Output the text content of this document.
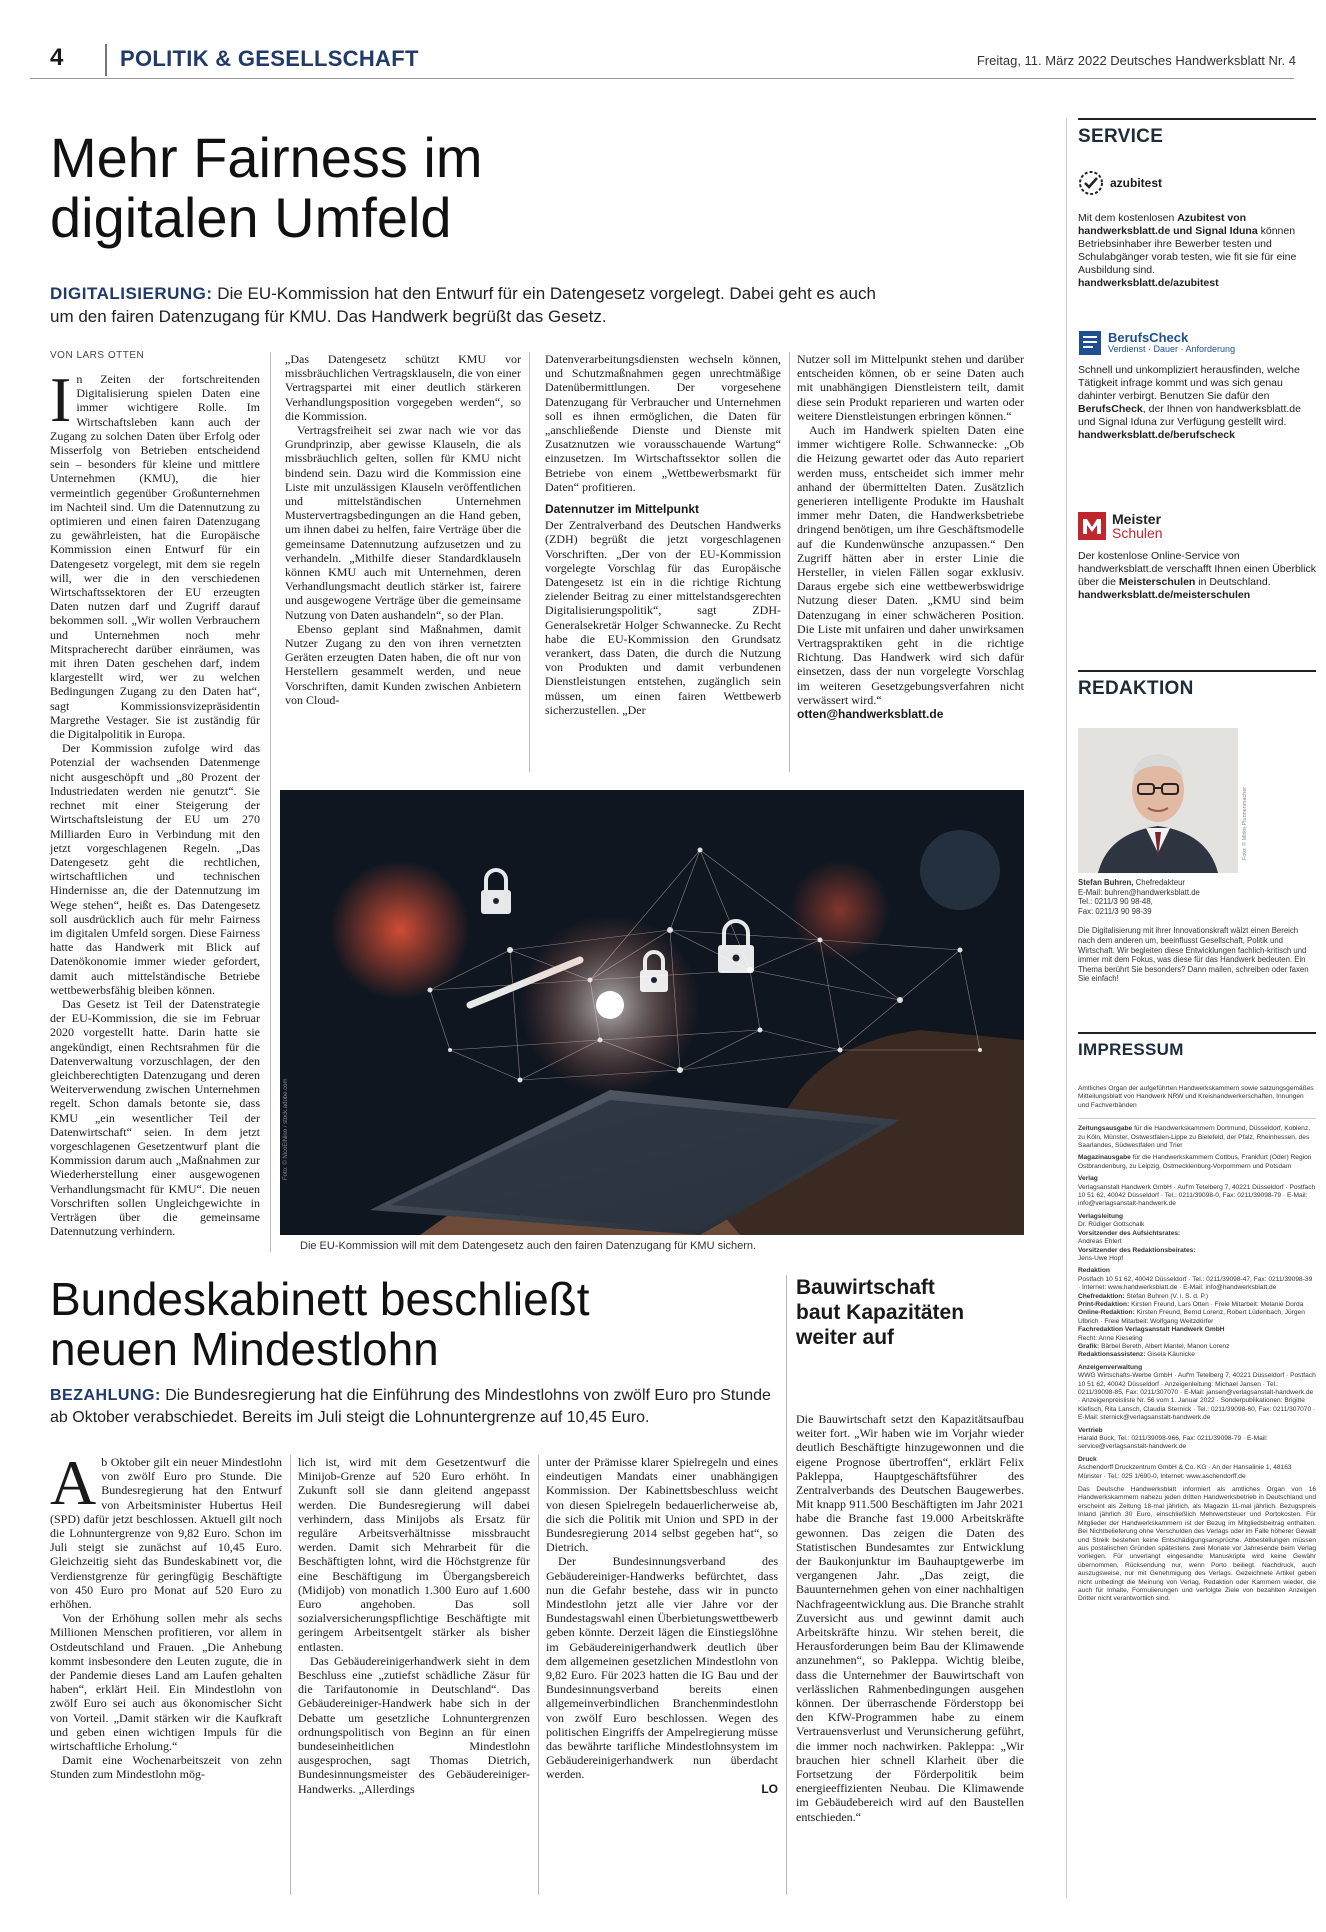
4	POLITIK & GESELLSCHAFT	Freitag, 11. März 2022 Deutsches Handwerksblatt Nr. 4
Mehr Fairness im
digitalen Umfeld
DIGITALISIERUNG: Die EU-Kommission hat den Entwurf für ein Datengesetz vorgelegt. Dabei geht es auch um den fairen Datenzugang für KMU. Das Handwerk begrüßt das Gesetz.
VON LARS OTTEN

In Zeiten der fortschreitenden Digitalisierung spielen Daten eine immer wichtigere Rolle. Im Wirtschaftsleben kann auch der Zugang zu solchen Daten über Erfolg oder Misserfolg von Betrieben entscheidend sein – besonders für kleine und mittlere Unternehmen (KMU), die hier vermeintlich gegenüber Großunternehmen im Nachteil sind. Um die Datennutzung zu optimieren und einen fairen Datenzugang zu gewährleisten, hat die Europäische Kommission einen Entwurf für ein Datengesetz vorgelegt, mit dem sie regeln will, wer die in den verschiedenen Wirtschaftssektoren der EU erzeugten Daten nutzen darf und Zugriff darauf bekommen soll. „Wir wollen Verbrauchern und Unternehmen noch mehr Mitspracherecht darüber einräumen, was mit ihren Daten geschehen darf, indem klargestellt wird, wer zu welchen Bedingungen Zugang zu den Daten hat“, sagt Kommissionsvizepräsidentin Margrethe Vestager. Sie ist zuständig für die Digitalpolitik in Europa.

Der Kommission zufolge wird das Potenzial der wachsenden Datenmenge nicht ausgeschöpft und „80 Prozent der Industriedaten werden nie genutzt“. Sie rechnet mit einer Steigerung der Wirtschaftsleistung der EU um 270 Milliarden Euro in Verbindung mit den jetzt vorgeschlagenen Regeln. „Das Datengesetz geht die rechtlichen, wirtschaftlichen und technischen Hindernisse an, die der Datennutzung im Wege stehen“, heißt es. Das Datengesetz soll ausdrücklich auch für mehr Fairness im digitalen Umfeld sorgen. Diese Fairness hatte das Handwerk mit Blick auf Datenökonomie immer wieder gefordert, damit auch mittelständische Betriebe wettbewerbsfähig bleiben können.

Das Gesetz ist Teil der Datenstrategie der EU-Kommission, die sie im Februar 2020 vorgestellt hatte. Darin hatte sie angekündigt, einen Rechtsrahmen für die Datenverwaltung vorzuschlagen, der den gleichberechtigten Datenzugang und deren Weiterverwendung zwischen Unternehmen regelt. Schon damals betonte sie, dass KMU „ein wesentlicher Teil der Datenwirtschaft“ seien. In dem jetzt vorgeschlagenen Gesetzentwurf plant die Kommission darum auch „Maßnahmen zur Wiederherstellung einer ausgewogenen Verhandlungsmacht für KMU“. Die neuen Vorschriften sollen Ungleichgewichte in Verträgen über die gemeinsame Datennutzung verhindern.

„Das Datengesetz schützt KMU vor missbräuchlichen Vertragsklauseln, die von einer Vertragspartei mit einer deutlich stärkeren Verhandlungsposition vorgegeben werden“, so die Kommission.

Vertragsfreiheit sei zwar nach wie vor das Grundprinzip, aber gewisse Klauseln, die als missbräuchlich gelten, sollen für KMU nicht bindend sein. Dazu wird die Kommission eine Liste mit unzulässigen Klauseln veröffentlichen und mittelständischen Unternehmen Mustervertragsbedingungen an die Hand geben, um ihnen dabei zu helfen, faire Verträge über die gemeinsame Datennutzung aufzusetzen und zu verhandeln. „Mithilfe dieser Standardklauseln können KMU auch mit Unternehmen, deren Verhandlungsmacht deutlich stärker ist, fairere und ausgewogene Verträge über die gemeinsame Nutzung von Daten aushandeln“, so der Plan.

Ebenso geplant sind Maßnahmen, damit Nutzer Zugang zu den von ihren vernetzten Geräten erzeugten Daten haben, die oft nur von Herstellern gesammelt werden, und neue Vorschriften, damit Kunden zwischen Anbietern von Cloud-

Datenverarbeitungsdiensten wechseln können, und Schutzmaßnahmen gegen unrechtmäßige Datenübermittlungen. Der vorgesehene Datenzugang für Verbraucher und Unternehmen soll es ihnen ermöglichen, die Daten für „anschließende Dienste und Dienste mit Zusatznutzen wie vorausschauende Wartung“ einzusetzen. Im Wirtschaftssektor sollen die Betriebe von einem „Wettbewerbsmarkt für Daten“ profitieren.

Datennutzer im Mittelpunkt

Der Zentralverband des Deutschen Handwerks (ZDH) begrüßt die jetzt vorgeschlagenen Vorschriften. „Der von der EU-Kommission vorgelegte Vorschlag für das Europäische Datengesetz ist ein in die richtige Richtung zielender Beitrag zu einer mittelstandsgerechten Digitalisierungspolitik“, sagt ZDH-Generalsekretär Holger Schwannecke. Zu Recht habe die EU-Kommission den Grundsatz verankert, dass Daten, die durch die Nutzung von Produkten und damit verbundenen Dienstleistungen entstehen, zugänglich sein müssen, um einen fairen Wettbewerb sicherzustellen. „Der

Nutzer soll im Mittelpunkt stehen und darüber entscheiden können, ob er seine Daten auch mit unabhängigen Dienstleistern teilt, damit diese sein Produkt reparieren und warten oder weitere Dienstleistungen erbringen können.“

Auch im Handwerk spielten Daten eine immer wichtigere Rolle. Schwannecke: „Ob die Heizung gewartet oder das Auto repariert werden muss, entscheidet sich immer mehr anhand der übermittelten Daten. Zusätzlich generieren intelligente Produkte im Haushalt immer mehr Daten, die Handwerksbetriebe dringend benötigen, um ihre Geschäftsmodelle auf die Kundenwünsche anzupassen.“ Den Zugriff hätten aber in erster Linie die Hersteller, in vielen Fällen sogar exklusiv. Daraus ergebe sich eine wettbewerbswidrige Nutzung dieser Daten. „KMU sind beim Datenzugang in einer schwächeren Position. Die Liste mit unfairen und daher unwirksamen Vertragspraktiken geht in die richtige Richtung. Das Handwerk wird sich dafür einsetzen, dass der nun vorgelegte Vorschlag im weiteren Gesetzgebungsverfahren nicht verwässert wird.“

otten@handwerksblatt.de

Foto: © NicoElNino / stock.adobe.com
Die EU-Kommission will mit dem Datengesetz auch den fairen Datenzugang für KMU sichern.
Bundeskabinett beschließt
neuen Mindestlohn
BEZAHLUNG: Die Bundesregierung hat die Einführung des Mindestlohns von zwölf Euro pro Stunde ab Oktober verabschiedet. Bereits im Juli steigt die Lohnuntergrenze auf 10,45 Euro.

Ab Oktober gilt ein neuer Mindestlohn von zwölf Euro pro Stunde. Die Bundesregierung hat den Entwurf von Arbeitsminister Hubertus Heil (SPD) dafür jetzt beschlossen. Aktuell gilt noch die Lohnuntergrenze von 9,82 Euro. Schon im Juli steigt sie zunächst auf 10,45 Euro. Gleichzeitig sieht das Bundeskabinett vor, die Verdienstgrenze für geringfügig Beschäftigte von 450 Euro pro Monat auf 520 Euro zu erhöhen.

Von der Erhöhung sollen mehr als sechs Millionen Menschen profitieren, vor allem in Ostdeutschland und Frauen. „Die Anhebung kommt insbesondere den Leuten zugute, die in der Pandemie dieses Land am Laufen gehalten haben“, erklärt Heil. Ein Mindestlohn von zwölf Euro sei auch aus ökonomischer Sicht von Vorteil. „Damit stärken wir die Kaufkraft und geben einen wichtigen Impuls für die wirtschaftliche Erholung.“

Damit eine Wochenarbeitszeit von zehn Stunden zum Mindestlohn mög-

lich ist, wird mit dem Gesetzentwurf die Minijob-Grenze auf 520 Euro erhöht. In Zukunft soll sie dann gleitend angepasst werden. Die Bundesregierung will dabei verhindern, dass Minijobs als Ersatz für reguläre Arbeitsverhältnisse missbraucht werden. Damit sich Mehrarbeit für die Beschäftigten lohnt, wird die Höchstgrenze für eine Beschäftigung im Übergangsbereich (Midijob) von monatlich 1.300 Euro auf 1.600 Euro angehoben. Das soll sozialversicherungspflichtige Beschäftigte mit geringem Arbeitsentgelt stärker als bisher entlasten.

Das Gebäudereinigerhandwerk sieht in dem Beschluss eine „zutiefst schädliche Zäsur für die Tarifautonomie in Deutschland“. Das Gebäudereiniger-Handwerk habe sich in der Debatte um gesetzliche Lohnuntergrenzen ordnungspolitisch von Beginn an für einen bundeseinheitlichen Mindestlohn ausgesprochen, sagt Thomas Dietrich, Bundesinnungsmeister des Gebäudereiniger-Handwerks. „Allerdings

unter der Prämisse klarer Spielregeln und eines eindeutigen Mandats einer unabhängigen Kommission. Der Kabinettsbeschluss weicht von diesen Spielregeln bedauerlicherweise ab, die sich die Politik mit Union und SPD in der Bundesregierung 2014 selbst gegeben hat“, so Dietrich.

Der Bundesinnungsverband des Gebäudereiniger-Handwerks befürchtet, dass nun die Gefahr bestehe, dass wir in puncto Mindestlohn jetzt alle vier Jahre vor der Bundestagswahl einen Überbietungswettbewerb geben könnte. Derzeit lägen die Einstiegslöhne im Gebäudereinigerhandwerk deutlich über dem allgemeinen gesetzlichen Mindestlohn von 9,82 Euro. Für 2023 hatten die IG Bau und der Bundesinnungsverband bereits einen allgemeinverbindlichen Branchenmindestlohn von zwölf Euro beschlossen. Wegen des politischen Eingriffs der Ampelregierung müsse das bewährte tarifliche Mindestlohnsystem im Gebäudereinigerhandwerk nun überdacht werden.

LO

Bauwirtschaft
baut Kapazitäten
weiter auf

Die Bauwirtschaft setzt den Kapazitätsaufbau weiter fort. „Wir haben wie im Vorjahr wieder deutlich Beschäftigte hinzugewonnen und die eigene Prognose übertroffen“, erklärt Felix Pakleppa, Hauptgeschäftsführer des Zentralverbands des Deutschen Baugewerbes. Mit knapp 911.500 Beschäftigten im Jahr 2021 habe die Branche fast 19.000 Arbeitskräfte gewonnen. Das zeigen die Daten des Statistischen Bundesamtes zur Entwicklung der Baukonjunktur im Bauhauptgewerbe im vergangenen Jahr. „Das zeigt, die Bauunternehmen gehen von einer nachhaltigen Nachfrageentwicklung aus. Die Branche strahlt Zuversicht aus und gewinnt damit auch Arbeitskräfte hinzu. Wir stehen bereit, die Herausforderungen beim Bau der Klimawende anzunehmen“, so Pakleppa. Wichtig bleibe, dass die Unternehmer der Bauwirtschaft von verlässlichen Rahmenbedingungen ausgehen können. Der überraschende Förderstopp bei den KfW-Programmen habe zu einem Vertrauensverlust und Verunsicherung geführt, die immer noch nachwirken. Pakleppa: „Wir brauchen hier schnell Klarheit über die Fortsetzung der Förderpolitik beim energieeffizienten Neubau. Die Klimawende im Gebäudebereich wird auf den Baustellen entschieden.“

SERVICE
azubitest
Mit dem kostenlosen Azubitest von handwerksblatt.de und Signal Iduna können Betriebsinhaber ihre Bewerber testen und Schulabgänger vorab testen, wie fit sie für eine Ausbildung sind.
handwerksblatt.de/azubitest
BerufsCheck
Verdienst · Dauer · Anforderung
Schnell und unkompliziert herausfinden, welche Tätigkeit infrage kommt und was sich genau dahinter verbirgt. Benutzen Sie dafür den BerufsCheck, der Ihnen von handwerksblatt.de und Signal Iduna zur Verfügung gestellt wird.
handwerksblatt.de/berufscheck
Meister
Schulen
Der kostenlose Online-Service von handwerksblatt.de verschafft Ihnen einen Überblick über die Meisterschulen in Deutschland.
handwerksblatt.de/meisterschulen
REDAKTION
Foto: © Mirko Plunnenmacher
Stefan Buhren, Chefredakteur
E-Mail: buhren@handwerksblatt.de
Tel.: 0211/3 90 98-48,
Fax: 0211/3 90 98-39
Die Digitalisierung mit ihrer Innovationskraft wälzt einen Bereich nach dem anderen um, beeinflusst Gesellschaft, Politik und Wirtschaft. Wir begleiten diese Entwicklungen fachlich-kritisch und immer mit dem Fokus, was diese für das Handwerk bedeuten. Ein Thema berührt Sie besonders? Dann mailen, schreiben oder faxen Sie einfach!
IMPRESSUM
Amtliches Organ der aufgeführten Handwerkskammern sowie satzungsgemäßes Mitteilungsblatt von Handwerk NRW und Kreishandwerkerschaften, Innungen und Fachverbänden
Zeitungsausgabe für die Handwerkskammern Dortmund, Düsseldorf, Koblenz, zu Köln, Münster, Ostwestfalen-Lippe zu Bielefeld, der Pfalz, Rheinhessen, des Saarlandes, Südwestfalen und Trier
Magazinausgabe für die Handwerkskammern Cottbus, Frankfurt (Oder) Region Ostbrandenburg, zu Leipzig, Ostmecklenburg-Vorpommern und Potsdam
Verlag
Verlagsanstalt Handwerk GmbH · Auf'm Tetelberg 7, 40221 Düsseldorf · Postfach 10 51 62, 40042 Düsseldorf · Tel.: 0211/39098-0, Fax: 0211/39098-79 · E-Mail: info@verlagsanstalt-handwerk.de
Verlagsleitung
Dr. Rüdiger Gottschalk
Vorsitzender des Aufsichtsrates:
Andreas Ehlert
Vorsitzender des Redaktionsbeirates:
Jens-Uwe Hopf
Redaktion
Postfach 10 51 62, 40042 Düsseldorf · Tel.: 0211/39098-47, Fax: 0211/39098-39 · Internet: www.handwerksblatt.de · E-Mail: info@handwerksblatt.de
Chefredaktion: Stefan Buhren (V. i. S. d. P.)
Print-Redaktion: Kirsten Freund, Lars Otten · Freie Mitarbeit: Melanie Dorda
Online-Redaktion: Kirsten Freund, Bernd Lorenz, Robert Lüdenbach, Jürgen Ulbrich · Freie Mitarbeit: Wolfgang Weitzdörfer
Fachredaktion Verlagsanstalt Handwerk GmbH
Recht: Anne Kieseling
Grafik: Bärbel Bereth, Albert Mantel, Manon Lorenz
Redaktionsassistenz: Gisela Käunicke
Anzeigenverwaltung
WWG Wirtschafts-Werbe GmbH · Auf'm Tetelberg 7, 40221 Düsseldorf · Postfach 10 51 62, 40042 Düsseldorf · Anzeigenleitung: Michael Jansen · Tel.: 0211/39098-85, Fax: 0211/307070 · E-Mail: jansen@verlagsanstalt-handwerk.de · Anzeigenpreisliste Nr. 56 vom 1. Januar 2022 · Sonderpublikationen: Brigitte Klefisch, Rita Lansch, Claudia Sternick · Tel.: 0211/39098-60, Fax: 0211/307070 · E-Mail: sternick@verlagsanstalt-handwerk.de
Vertrieb
Harald Buck, Tel.: 0211/39098-966, Fax: 0211/39098-79 · E-Mail: service@verlagsanstalt-handwerk.de
Druck
Aschendorff Druckzentrum GmbH & Co. KG · An der Hansalinie 1, 48163 Münster · Tel.: 025 1/690-0, Internet: www.aschendorff.de
Das Deutsche Handwerksblatt informiert als amtliches Organ von 16 Handwerkskammern nahezu jeden dritten Handwerksbetrieb in Deutschland und erscheint als Zeitung 18-mal jährlich, als Magazin 11-mal jährlich. Bezugspreis Inland jährlich 30 Euro, einschließlich Mehrwertsteuer und Portokosten. Für Mitglieder der Handwerkskammern ist der Bezug im Mitgliedsbeitrag enthalten. Bei Nichtbelieferung ohne Verschulden des Verlags oder im Falle höherer Gewalt und Streik bestehen keine Entschädigungsansprüche. Abbestellungen müssen aus postalischen Gründen spätestens zwei Monate vor Jahresende beim Verlag vorliegen. Für unverlangt eingesandte Manuskripte wird keine Gewähr übernommen, Rücksendung nur, wenn Porto beiliegt. Nachdruck, auch auszugsweise, nur mit Genehmigung des Verlags. Gezeichnete Artikel geben nicht unbedingt die Meinung von Verlag, Redaktion oder Kammern wieder, die auch für Inhalte, Formulierungen und verfolgte Ziele von bezahlten Anzeigen Dritter nicht verantwortlich sind.
